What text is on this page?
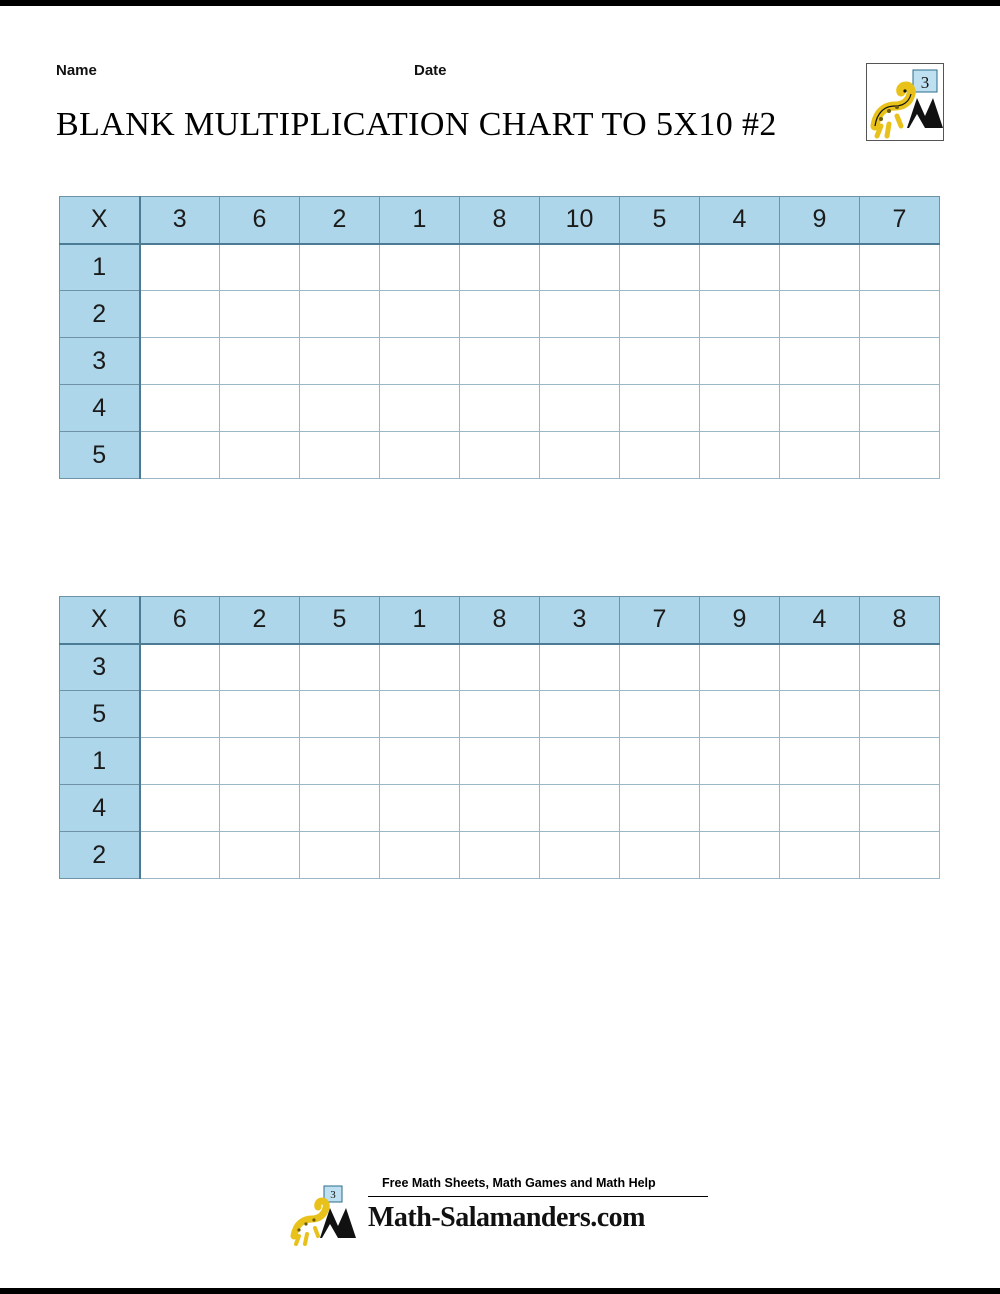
Name	Date
BLANK MULTIPLICATION CHART TO 5X10 #2
3
X	3	6	2	1	8	10	5	4	9	7
1										
2										
3										
4										
5										
X	6	2	5	1	8	3	7	9	4	8
3										
5										
1										
4										
2										
3
Free Math Sheets, Math Games and Math Help
Math-Salamanders.com
